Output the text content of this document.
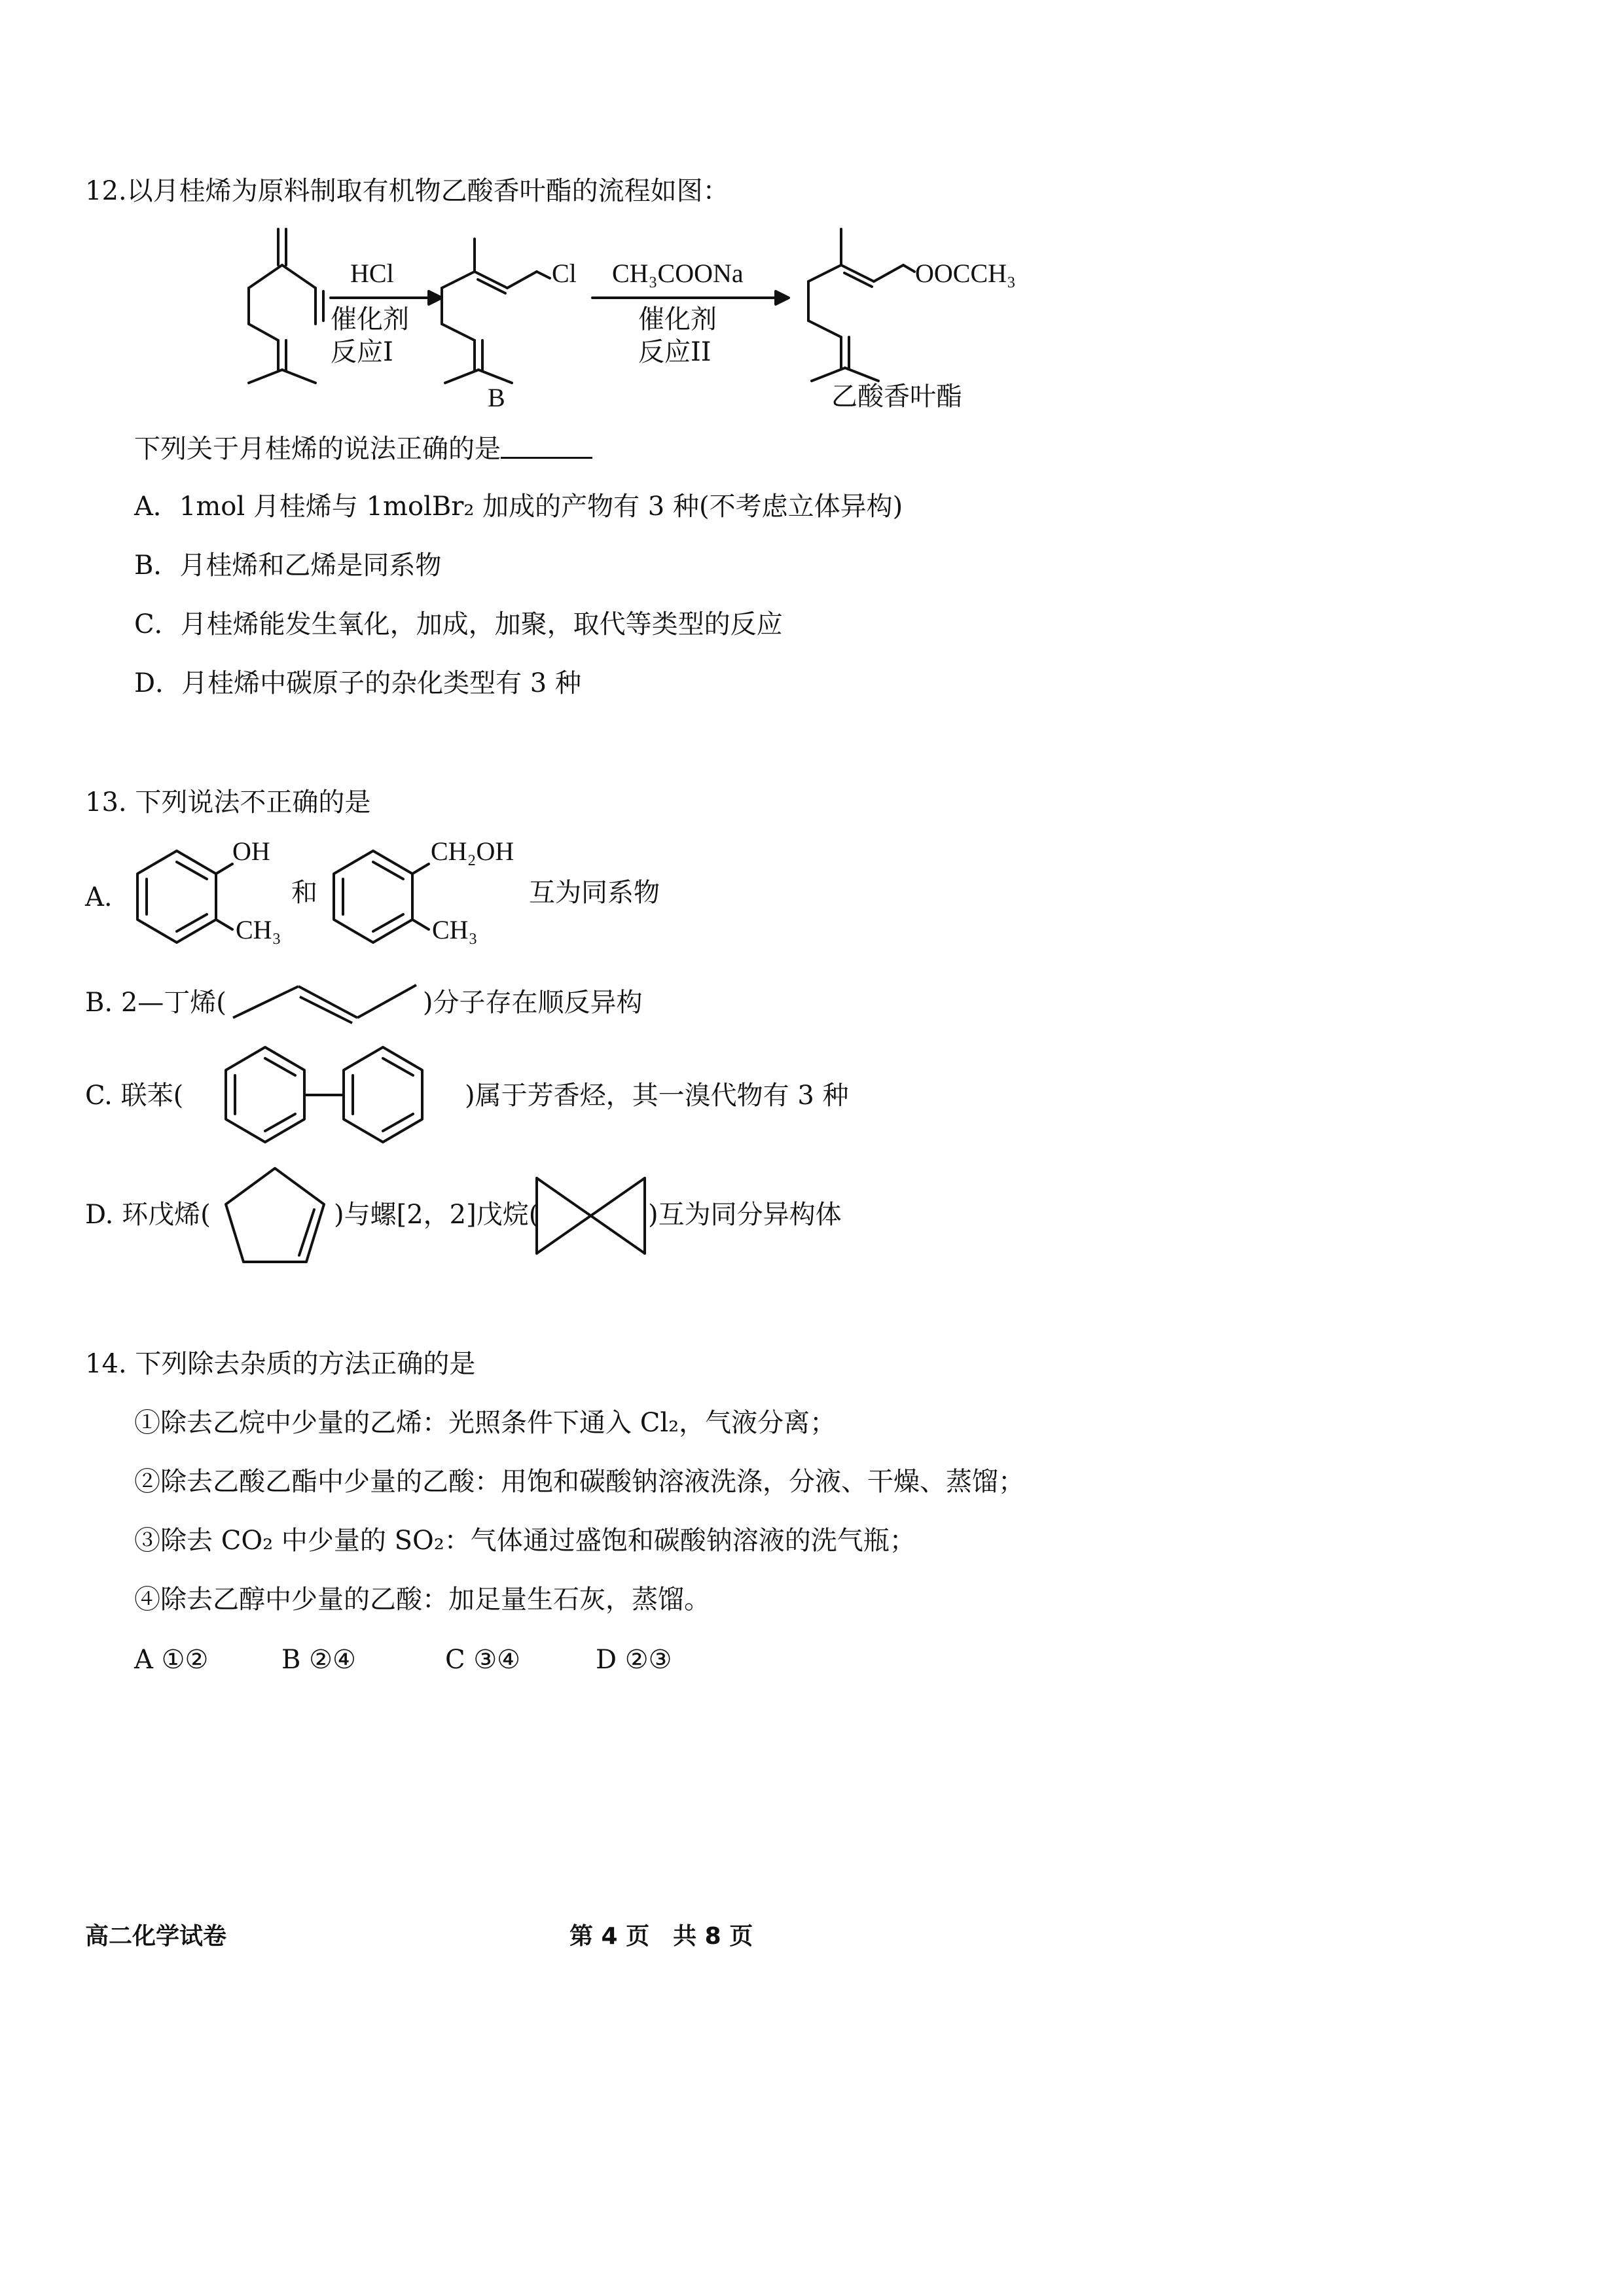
12.以月桂烯为原料制取有机物乙酸香叶酯的流程如图：
HCl
催化剂
反应I
Cl
B
CH₃COONa
催化剂
反应II
OOCCH₃
乙酸香叶酯
下列关于月桂烯的说法正确的是
A．1mol 月桂烯与 1molBr₂ 加成的产物有 3 种(不考虑立体异构)
B．月桂烯和乙烯是同系物
C．月桂烯能发生氧化，加成，加聚，取代等类型的反应
D．月桂烯中碳原子的杂化类型有 3 种
13. 下列说法不正确的是
A.
OH
CH₃
和
CH₂OH
CH₃
互为同系物
B. 2—丁烯(	)分子存在顺反异构
C. 联苯(	)属于芳香烃，其一溴代物有 3 种
D. 环戊烯(	)与螺[2，2]戊烷(	)互为同分异构体
14. 下列除去杂质的方法正确的是
①除去乙烷中少量的乙烯：光照条件下通入 Cl₂，气液分离；
②除去乙酸乙酯中少量的乙酸：用饱和碳酸钠溶液洗涤，分液、干燥、蒸馏；
③除去 CO₂ 中少量的 SO₂：气体通过盛饱和碳酸钠溶液的洗气瓶；
④除去乙醇中少量的乙酸：加足量生石灰，蒸馏。
A ①②	B ②④	C ③④	D ②③
高二化学试卷	第 4 页　共 8 页
